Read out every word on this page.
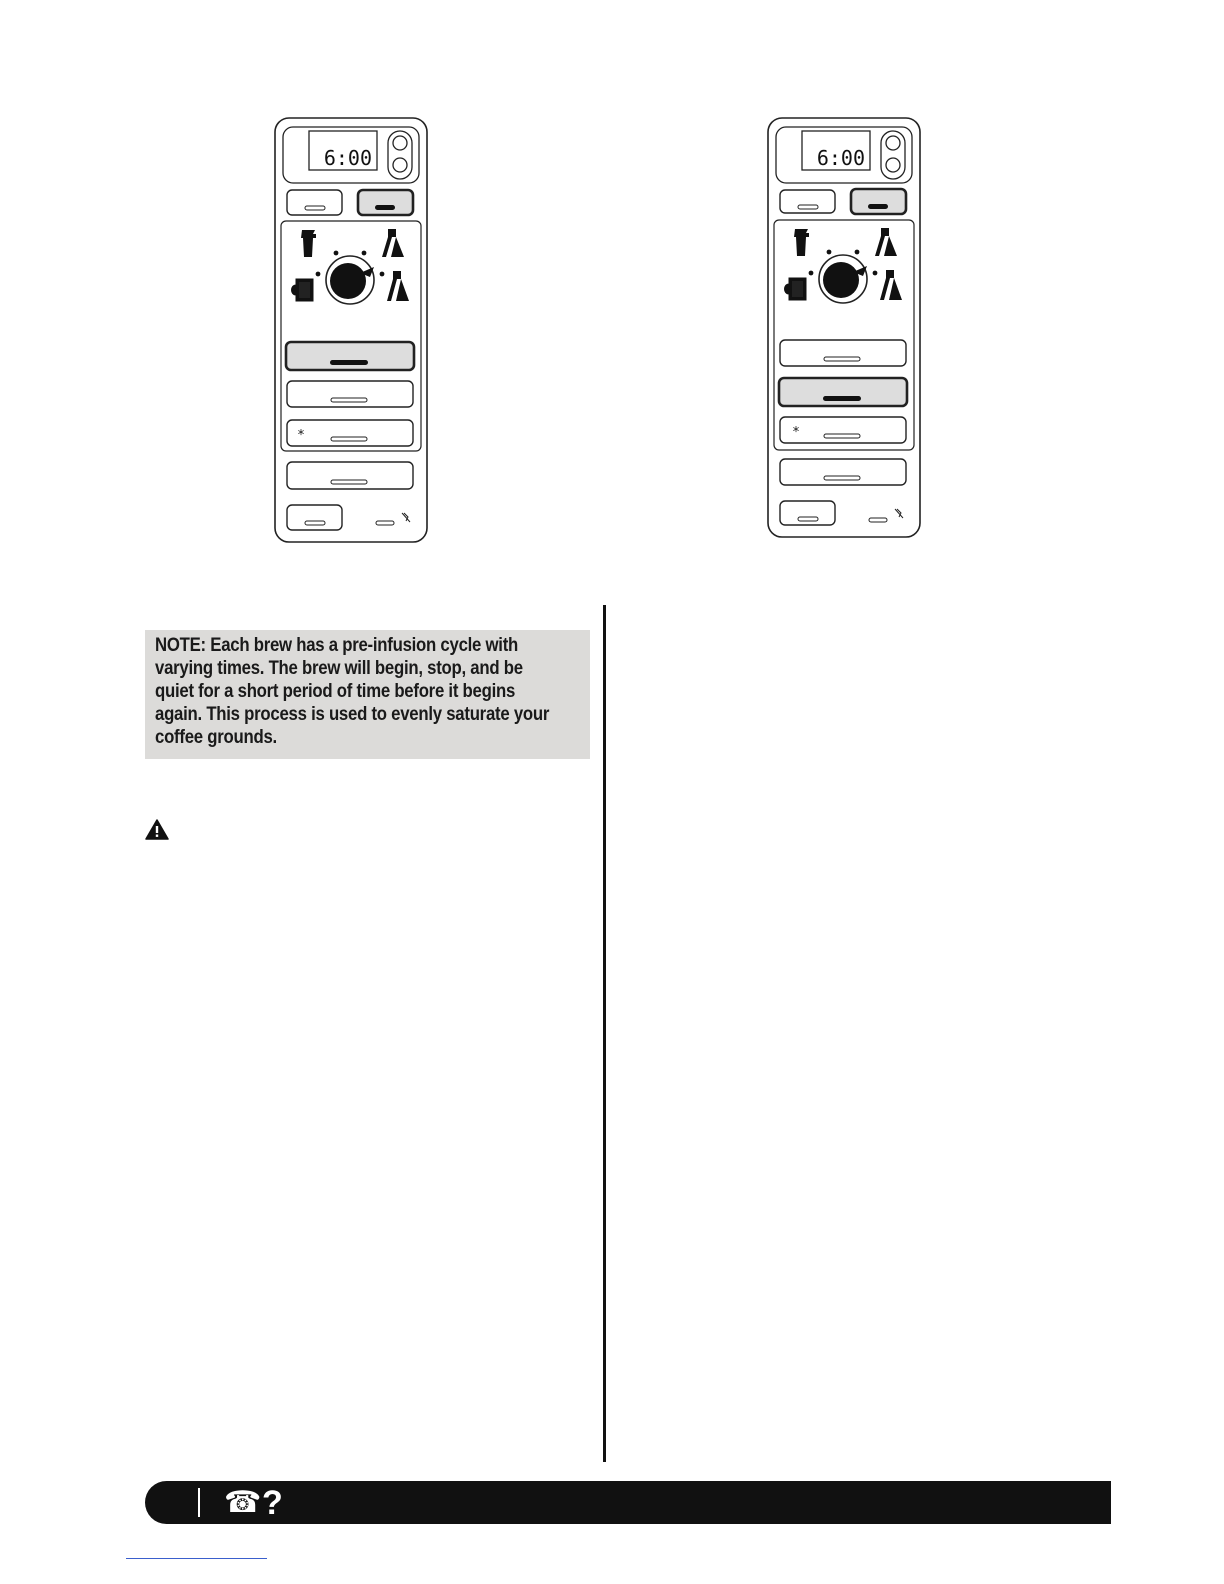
6:00
*
6:00
*
NOTE: Each brew has a pre-infusion cycle with
varying times. The brew will begin, stop, and be
quiet for a short period of time before it begins
again. This process is used to evenly saturate your
coffee grounds.
☎ ?
